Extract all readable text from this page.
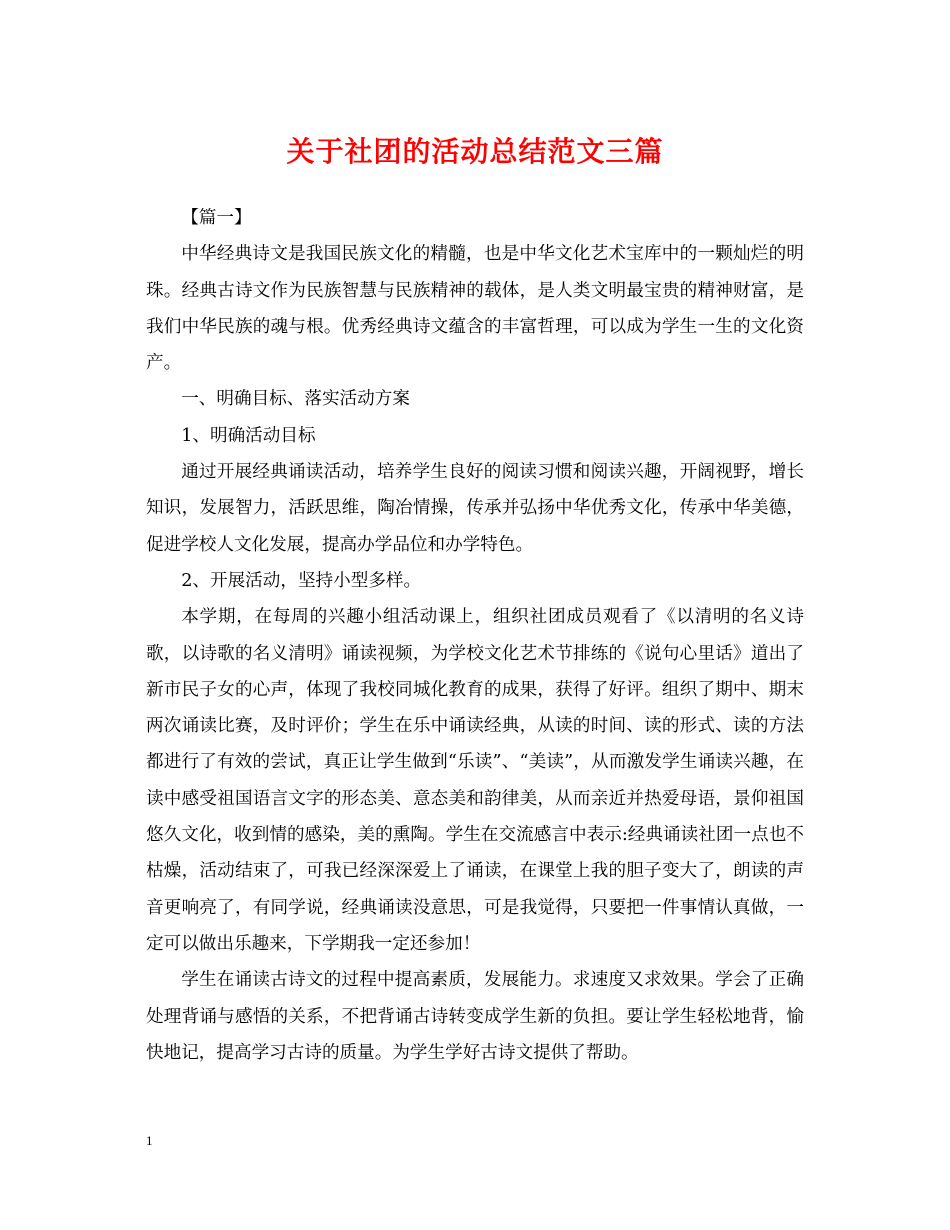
关于社团的活动总结范文三篇

【篇一】

中华经典诗文是我国民族文化的精髓，也是中华文化艺术宝库中的一颗灿烂的明珠。经典古诗文作为民族智慧与民族精神的载体，是人类文明最宝贵的精神财富，是我们中华民族的魂与根。优秀经典诗文蕴含的丰富哲理，可以成为学生一生的文化资产。

一、明确目标、落实活动方案

1、明确活动目标

通过开展经典诵读活动，培养学生良好的阅读习惯和阅读兴趣，开阔视野，增长知识，发展智力，活跃思维，陶冶情操，传承并弘扬中华优秀文化，传承中华美德，促进学校人文化发展，提高办学品位和办学特色。

2、开展活动，坚持小型多样。

本学期，在每周的兴趣小组活动课上，组织社团成员观看了《以清明的名义诗歌，以诗歌的名义清明》诵读视频，为学校文化艺术节排练的《说句心里话》道出了新市民子女的心声，体现了我校同城化教育的成果，获得了好评。组织了期中、期末两次诵读比赛，及时评价；学生在乐中诵读经典，从读的时间、读的形式、读的方法都进行了有效的尝试，真正让学生做到“乐读”、“美读”，从而激发学生诵读兴趣，在读中感受祖国语言文字的形态美、意态美和韵律美，从而亲近并热爱母语，景仰祖国悠久文化，收到情的感染，美的熏陶。学生在交流感言中表示:经典诵读社团一点也不枯燥，活动结束了，可我已经深深爱上了诵读，在课堂上我的胆子变大了，朗读的声音更响亮了，有同学说，经典诵读没意思，可是我觉得，只要把一件事情认真做，一定可以做出乐趣来，下学期我一定还参加！

学生在诵读古诗文的过程中提高素质，发展能力。求速度又求效果。学会了正确处理背诵与感悟的关系，不把背诵古诗转变成学生新的负担。要让学生轻松地背，愉快地记，提高学习古诗的质量。为学生学好古诗文提供了帮助。

1
